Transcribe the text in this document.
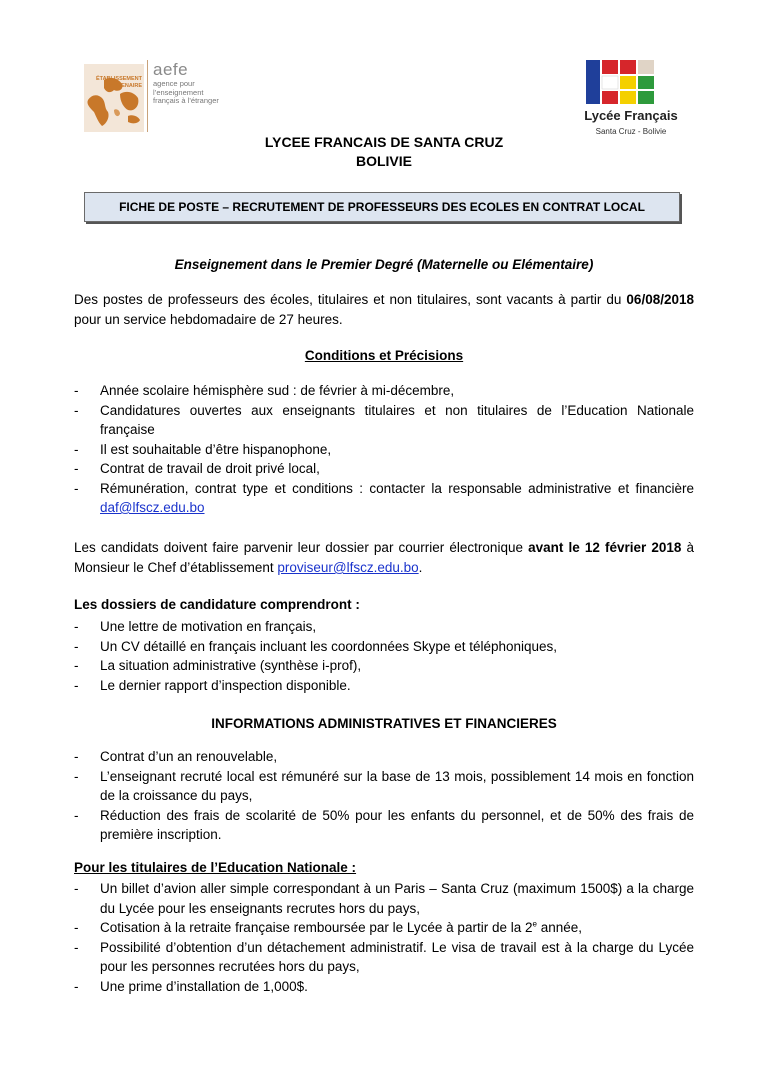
ÉTABLISSEMENT PARTENAIRE
aefe
agence pour l’enseignement français à l’étranger
Lycée Français
Santa Cruz - Bolivie
LYCEE FRANCAIS DE SANTA CRUZ
BOLIVIE
FICHE DE POSTE – RECRUTEMENT DE PROFESSEURS DES ECOLES EN CONTRAT LOCAL
Enseignement dans le Premier Degré (Maternelle ou Elémentaire)
Des postes de professeurs des écoles, titulaires et non titulaires, sont vacants à partir du 06/08/2018 pour un service hebdomadaire de 27 heures.
Conditions et Précisions
- Année scolaire hémisphère sud : de février à mi-décembre,
- Candidatures ouvertes aux enseignants titulaires et non titulaires de l’Education Nationale française
- Il est souhaitable d’être hispanophone,
- Contrat de travail de droit privé local,
- Rémunération, contrat type et conditions : contacter la responsable administrative et financière daf@lfscz.edu.bo
Les candidats doivent faire parvenir leur dossier par courrier électronique avant le 12 février 2018 à Monsieur le Chef d’établissement proviseur@lfscz.edu.bo.
Les dossiers de candidature comprendront :
- Une lettre de motivation en français,
- Un CV détaillé en français incluant les coordonnées Skype et téléphoniques,
- La situation administrative (synthèse i-prof),
- Le dernier rapport d’inspection disponible.
INFORMATIONS ADMINISTRATIVES ET FINANCIERES
- Contrat d’un an renouvelable,
- L’enseignant recruté local est rémunéré sur la base de 13 mois, possiblement 14 mois en fonction de la croissance du pays,
- Réduction des frais de scolarité de 50% pour les enfants du personnel, et de 50% des frais de première inscription.
Pour les titulaires de l’Education Nationale :
- Un billet d’avion aller simple correspondant à un Paris – Santa Cruz (maximum 1500$) a la charge du Lycée pour les enseignants recrutes hors du pays,
- Cotisation à la retraite française remboursée par le Lycée à partir de la 2e année,
- Possibilité d’obtention d’un détachement administratif. Le visa de travail est à la charge du Lycée pour les personnes recrutées hors du pays,
- Une prime d’installation de 1,000$.
